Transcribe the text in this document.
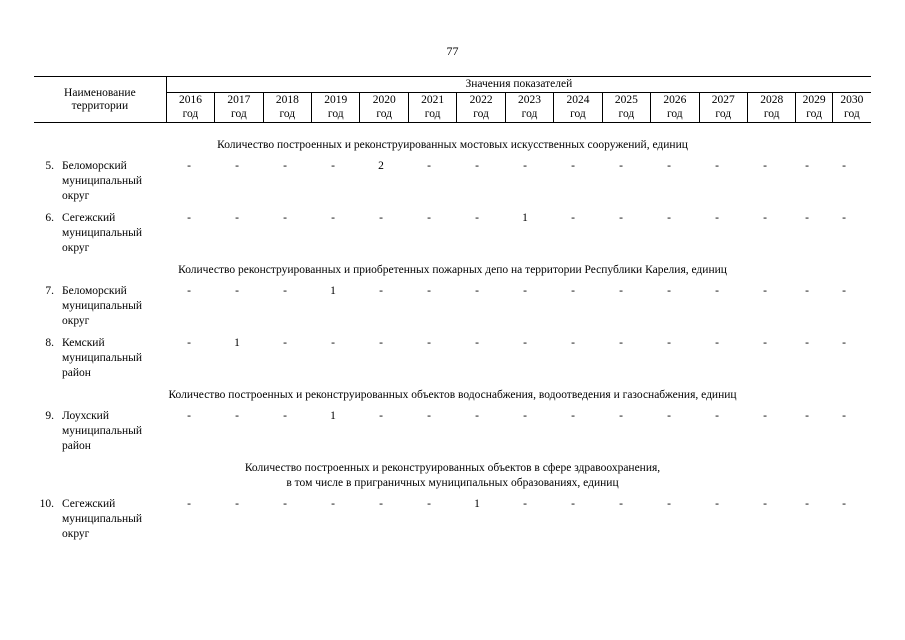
77
Наименование
территории	Значения показателей														
	2016	2017	2018	2019	2020	2021	2022	2023	2024	2025	2026	2027	2028	2029	2030
	год	год	год	год	год	год	год	год	год	год	год	год	год	год	год
Количество построенных и реконструированных мостовых искусственных сооружений, единиц
5. Беломорский
муниципальный
округ
-	-	-	-	2	-	-	-	-	-	-	-	-	-	-
6. Сегежский
муниципальный
округ
-	-	-	-	-	-	-	1	-	-	-	-	-	-	-
Количество реконструированных и приобретенных пожарных депо на территории Республики Карелия, единиц
7. Беломорский
муниципальный
округ
-	-	-	1	-	-	-	-	-	-	-	-	-	-	-
8. Кемский
муниципальный
район
-	1	-	-	-	-	-	-	-	-	-	-	-	-	-
Количество построенных и реконструированных объектов водоснабжения, водоотведения и газоснабжения, единиц
9. Лоухский
муниципальный
район
-	-	-	1	-	-	-	-	-	-	-	-	-	-	-
Количество построенных и реконструированных объектов в сфере здравоохранения,
в том числе в приграничных муниципальных образованиях, единиц
10. Сегежский
муниципальный
округ
-	-	-	-	-	-	1	-	-	-	-	-	-	-	-
